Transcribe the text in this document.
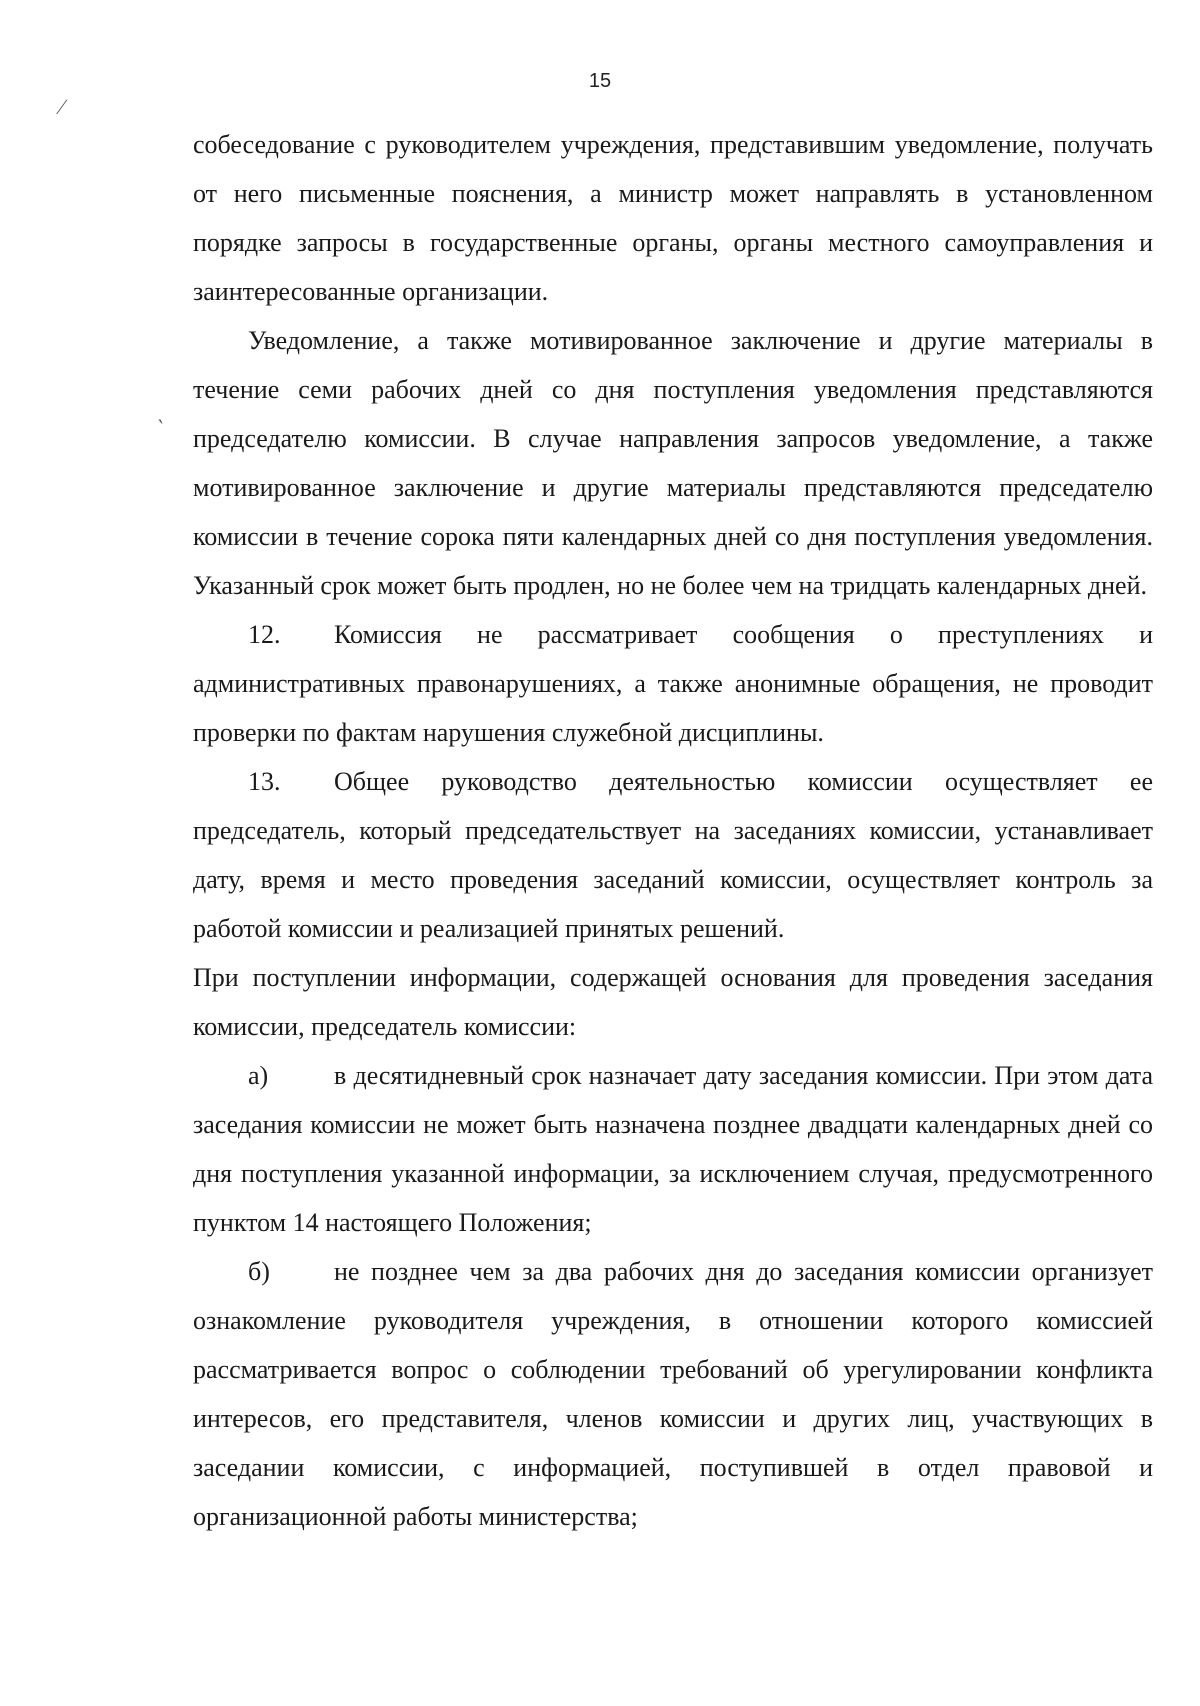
15
∕
‵

собеседование с руководителем учреждения, представившим уведомление, получать от него письменные пояснения, а министр может направлять в установленном порядке запросы в государственные органы, органы местного самоуправления и заинтересованные организации.

Уведомление, а также мотивированное заключение и другие материалы в течение семи рабочих дней со дня поступления уведомления представляются председателю комиссии. В случае направления запросов уведомление, а также мотивированное заключение и другие материалы представляются председателю комиссии в течение сорока пяти календарных дней со дня поступления уведомления. Указанный срок может быть продлен, но не более чем на тридцать календарных дней.

12. Комиссия не рассматривает сообщения о преступлениях и административных правонарушениях, а также анонимные обращения, не проводит проверки по фактам нарушения служебной дисциплины.

13. Общее руководство деятельностью комиссии осуществляет ее председатель, который председательствует на заседаниях комиссии, устанавливает дату, время и место проведения заседаний комиссии, осуществляет контроль за работой комиссии и реализацией принятых решений.

При поступлении информации, содержащей основания для проведения заседания комиссии, председатель комиссии:

а)	в десятидневный срок назначает дату заседания комиссии. При этом дата заседания комиссии не может быть назначена позднее двадцати календарных дней со дня поступления указанной информации, за исключением случая, предусмотренного пунктом 14 настоящего Положения;

б) не позднее чем за два рабочих дня до заседания комиссии организует ознакомление руководителя учреждения, в отношении которого комиссией рассматривается вопрос о соблюдении требований об урегулировании конфликта интересов, его представителя, членов комиссии и других лиц, участвующих в заседании комиссии, с информацией, поступившей в отдел правовой и организационной работы министерства;
